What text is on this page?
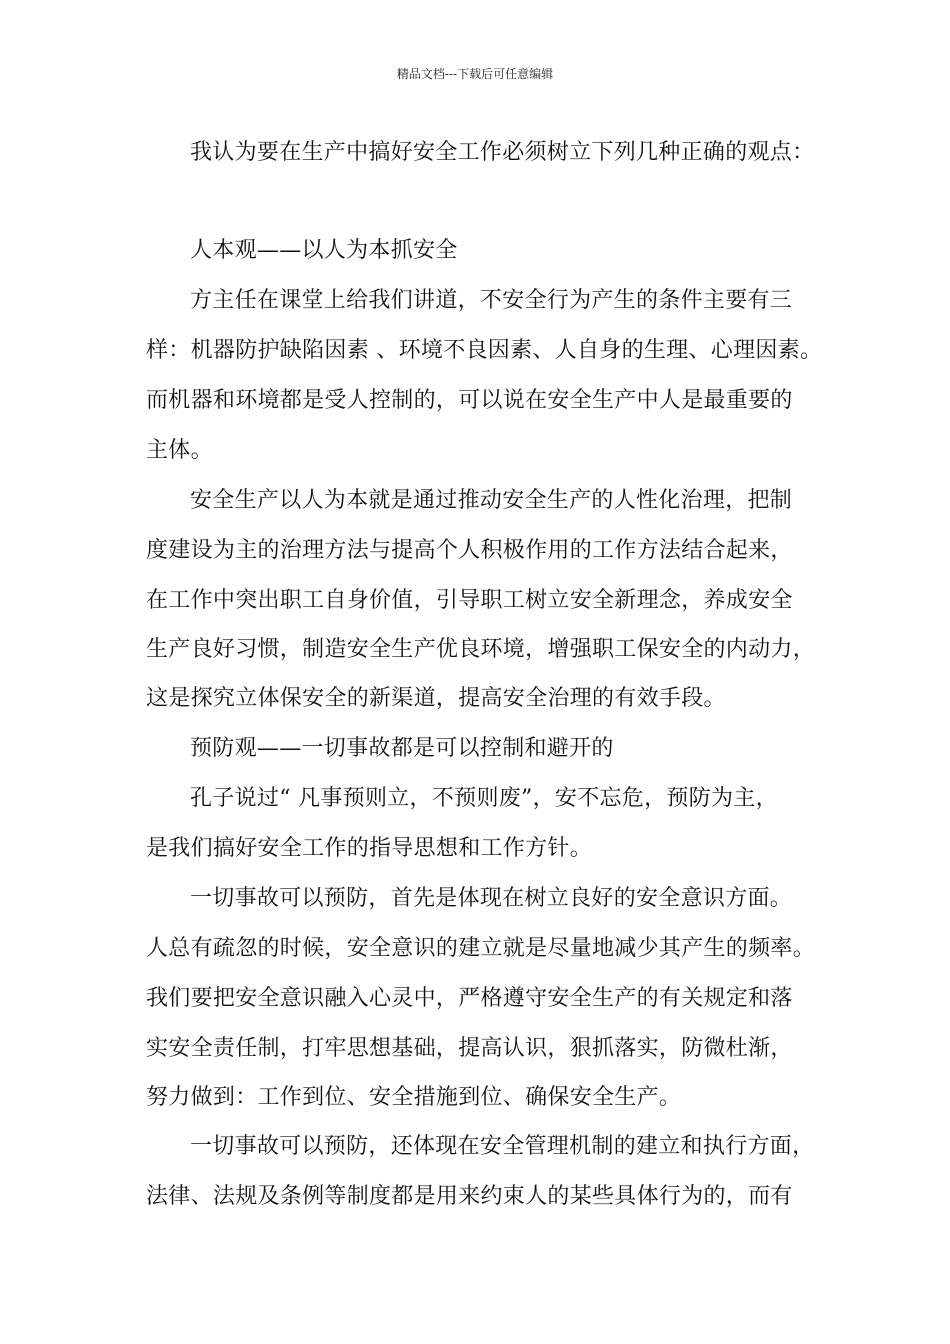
精品文档---下载后可任意编辑
我认为要在生产中搞好安全工作必须树立下列几种正确的观点：
人本观——以人为本抓安全
方主任在课堂上给我们讲道，不安全行为产生的条件主要有三
样：机器防护缺陷因素 、环境不良因素、人自身的生理、心理因素。
而机器和环境都是受人控制的，可以说在安全生产中人是最重要的
主体。
安全生产以人为本就是通过推动安全生产的人性化治理，把制
度建设为主的治理方法与提高个人积极作用的工作方法结合起来，
在工作中突出职工自身价值，引导职工树立安全新理念，养成安全
生产良好习惯，制造安全生产优良环境，增强职工保安全的内动力，
这是探究立体保安全的新渠道，提高安全治理的有效手段。
预防观——一切事故都是可以控制和避开的
孔子说过“ 凡事预则立，不预则废”，安不忘危，预防为主，
是我们搞好安全工作的指导思想和工作方针。
一切事故可以预防，首先是体现在树立良好的安全意识方面。
人总有疏忽的时候，安全意识的建立就是尽量地减少其产生的频率。
我们要把安全意识融入心灵中，严格遵守安全生产的有关规定和落
实安全责任制，打牢思想基础，提高认识，狠抓落实，防微杜渐，
努力做到：工作到位、安全措施到位、确保安全生产。
一切事故可以预防，还体现在安全管理机制的建立和执行方面，
法律、法规及条例等制度都是用来约束人的某些具体行为的，而有
